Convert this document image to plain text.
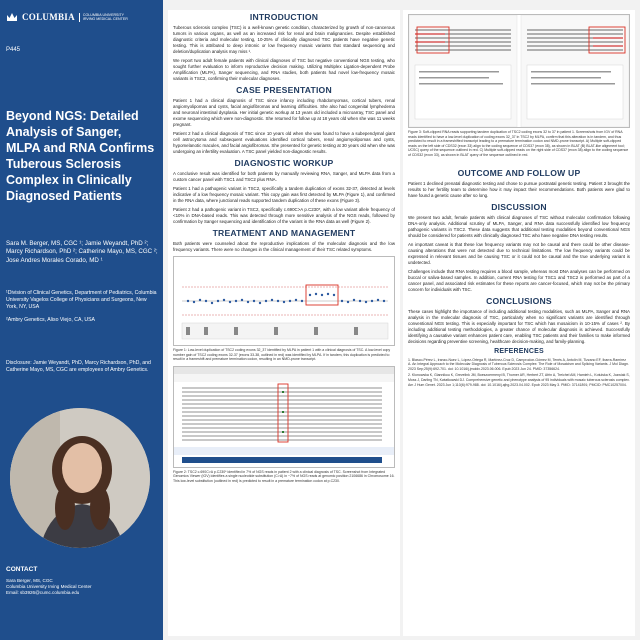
COLUMBIA	COLUMBIA UNIVERSITY IRVING MEDICAL CENTER
P445
Beyond NGS: Detailed Analysis of Sanger, MLPA and RNA Confirms Tuberous Sclerosis Complex in Clinically Diagnosed Patients
Sara M. Berger, MS, CGC ¹; Jamie Weyandt, PhD ²; Marcy Richardson, PhD ²; Catherine Mayo, MS, CGC ²; Jose Andres Morales Corado, MD ¹

¹Division of Clinical Genetics, Department of Pediatrics, Columbia University Vagelos College of Physicians and Surgeons, New York, NY, USA

²Ambry Genetics, Aliso Viejo, CA, USA

Disclosure: Jamie Weyandt, PhD, Marcy Richardson, PhD, and Catherine Mayo, MS, CGC are employees of Ambry Genetics.
CONTACT
Sara Berger, MS, CGC
Columbia University Irving Medical Center
Email: sb3926@cumc.columbia.edu
INTRODUCTION

Tuberous sclerosis complex (TSC) is a well-known genetic condition, characterized by growth of non-cancerous tumors in various organs, as well as an increased risk for renal and brain malignancies. Despite established diagnostic criteria and molecular testing, 10-25% of clinically diagnosed TSC patients have negative genetic testing. This is attributed to deep intronic or low frequency mosaic variants that standard sequencing and deletion/duplication analysis may miss ¹.

We report two adult female patients with clinical diagnoses of TSC but negative conventional NGS testing, who sought further evaluation to inform reproductive decision making. Utilizing Multiplex Ligation-dependent Probe Amplification (MLPA), Sanger sequencing, and RNA studies, both patients had novel low-frequency mosaic variants in TSC2, confirming their molecular diagnoses.

CASE PRESENTATION

Patient 1 had a clinical diagnosis of TSC since infancy including rhabdomyomas, cortical tubers, renal angiomyolipomas and cysts, facial angiofibromas and learning difficulties. She also had congenital lymphedema and neuronal intestinal dysplasia. Her initial genetic workup at 13 years old included a microarray, TSC panel and exome sequencing which were non-diagnostic. She returned for follow up at 18 years old when she was 11 weeks pregnant.

Patient 2 had a clinical diagnosis of TSC since 10 years old when she was found to have a subependymal giant cell astrocytoma and subsequent evaluations identified cortical tubers, renal angiomyolipomas and cysts, hypomelanotic macules, and facial angiofibromas. She presented for genetic testing at 30 years old when she was undergoing an infertility evaluation. A TSC panel yielded non-diagnostic results.

DIAGNOSTIC WORKUP

A conclusive result was identified for both patients by manually reviewing RNA, Sanger, and MLPA data from a custom cancer panel with TSC1 and TSC2 plus RNA.

Patient 1 had a pathogenic variant in TSC2, specifically a tandem duplication of exons 32-37, detected at levels indicative of a low frequency mosaic variant. This copy gain was first detected by MLPA (Figure 1), and confirmed in the RNA data, where junctional reads supported tandem duplication of these exons (Figure 3).

Patient 2 had a pathogenic variant in TSC2, specifically c.690C>A p.C230*, with a low variant allele frequency of <10% in DNA-based reads. This was detected through more sensitive analysis of the NGS reads, followed by confirmation by Sanger sequencing and identification of the variant in the RNA data as well (Figure 2).

TREATMENT AND MANAGEMENT

Both patients were counseled about the reproductive implications of the molecular diagnosis and the low frequency variants. There were no changes in the clinical management of their TSC related symptoms.

Figure 1: Low-level duplication of TSC2 coding exons 32_37 identified by MLPA in patient 1 with a clinical diagnosis of TSC. A low-level copy number gain of TSC2 coding exons 32-37 (exons 33-38, outlined in red) was identified by MLPA. If in tandem, this duplication is predicted to result in a frameshift and premature termination codon, resulting in an NMD-prone transcript.

Figure 2: TSC2 c.690C>A p.C230* identified in 7% of NGS reads in patient 2 with a clinical diagnosis of TSC. Screenshot from Integrated Genomics Viewer (IGV) identifies a single nucleotide substitution (C>A) in ~7% of NGS reads at genomic position 2106686 in Chromosome 16. This low-level substitution (outlined in red) is predicted to result in a premature termination codon at p.C230.

Figure 3: Soft-clipped RNA reads supporting tandem duplication of TSC2 coding exons 32 to 37 in patient 1. Screenshots from IGV of RNA reads identified to have a low-level duplication of coding exons 32_37 in TSC2 by MLPA, confirm that this alteration is in tandem, and thus predicted to result in a frameshifted transcript leading to a premature termination codon and NMD-prone transcript. A) Multiple soft-clipped reads on the left side of CDS32 (exon 33) align to the coding sequence of CDS37 (exon 38), as shown in BLAT (B) BLAT-like alignment tool; UCSC) query of the sequence outlined in red. C) Multiple soft-clipped reads on the right side of CDS37 (exon 38) align to the coding sequence of CDS32 (exon 33), as shown in BLAT query of the sequence outlined in red.

OUTCOME AND FOLLOW UP

Patient 1 declined prenatal diagnostic testing and chose to pursue postnatal genetic testing. Patient 2 brought the results to her fertility team to determine how it may impact their recommendations. Both patients were glad to have found a genetic cause after so long.

DISCUSSION

We present two adult, female patients with clinical diagnoses of TSC without molecular confirmation following DNA-only analysis. Additional scrutiny of MLPA, Sanger, and RNA data successfully identified low frequency pathogenic variants in TSC2. These data suggests that additional testing modalities beyond conventional NGS should be considered for patients with clinically diagnosed TSC who have negative DNA testing results.

An important caveat is that these low frequency variants may not be causal and there could be other disease-causing alterations that were not detected due to technical limitations. The low frequency variants could be expressed in relevant tissues and be causing TSC or it could not be causal and the true underlying variant is undetected.

Challenges include that RNA testing requires a blood sample, whereas most DNA analyses can be performed on buccal or saliva-based samples. In addition, current RNA testing for TSC1 and TSC2 is performed as part of a cancer panel, and associated risk estimates for these reports are cancer-focused, which may not be the primary concern for individuals with TSC.

CONCLUSIONS

These cases highlight the importance of including additional testing modalities, such as MLPA, Sanger and RNA analysis in the molecular diagnosis of TSC, particularly when no significant variants are identified through conventional NGS testing. This is especially important for TSC which has mosaicism in 10-15% of cases ². By including additional testing methodologies, a greater chance of molecular diagnosis is achieved. Successfully identifying a causative variant enhances patient care, enabling TSC patients and their families to make informed decisions regarding preventive screening, healthcare decision-making, and family-planning.

REFERENCES

1. Blasco-Pérez L, Iranzo-Nuez L, López-Ortega R, Martínez-Cruz D, Camprodon-Gómez M, Tenés A, Antolín M, Tizzano EF, Ibarra-Ramírez A. An Integral Approach to the Molecular Diagnosis of Tuberous Sclerosis Complex: The Role of Mosaicism and Splicing Variants. J Mol Diagn. 2023 Sep;25(9):692-701. doi: 10.1016/j.jmoldx.2023.06.006. Epub 2023 Jun 24. PMID: 37356624.

2. Klonowska K, Giannikou K, Grevelink JM, Boeszoermenyi B, Thorner AR, Herbert ZT, Afrin A, Treichel AM, Hamieh L, Kotulska K, Jozwiak S, Moss J, Darling TN, Kwiatkowski DJ. Comprehensive genetic and phenotype analysis of 95 individuals with mosaic tuberous sclerosis complex. Am J Hum Genet. 2023 Jun 1;110(6):979-988. doi: 10.1016/j.ajhg.2023.04.002. Epub 2023 May 3. PMID: 37141891; PMCID: PMC10257004.
